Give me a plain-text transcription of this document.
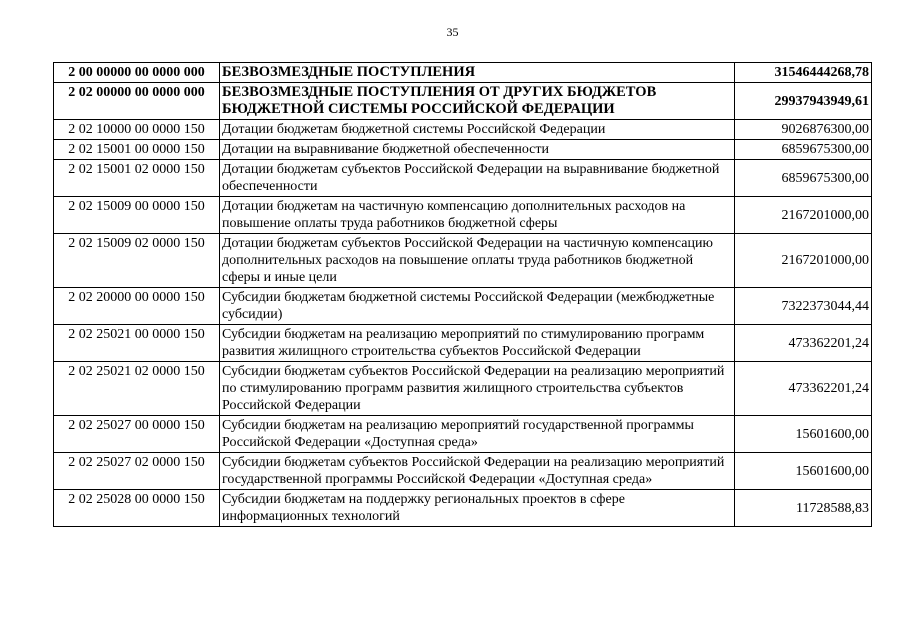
35
2 00 00000 00 0000 000	БЕЗВОЗМЕЗДНЫЕ ПОСТУПЛЕНИЯ	31546444268,78
2 02 00000 00 0000 000	БЕЗВОЗМЕЗДНЫЕ ПОСТУПЛЕНИЯ ОТ ДРУГИХ БЮДЖЕТОВ БЮДЖЕТНОЙ СИСТЕМЫ РОССИЙСКОЙ ФЕДЕРАЦИИ	29937943949,61
2 02 10000 00 0000 150	Дотации бюджетам бюджетной системы Российской Федерации	9026876300,00
2 02 15001 00 0000 150	Дотации на выравнивание бюджетной обеспеченности	6859675300,00
2 02 15001 02 0000 150	Дотации бюджетам субъектов Российской Федерации на выравнивание бюджетной обеспеченности	6859675300,00
2 02 15009 00 0000 150	Дотации бюджетам на частичную компенсацию дополнительных расходов на повышение оплаты труда работников бюджетной сферы	2167201000,00
2 02 15009 02 0000 150	Дотации бюджетам субъектов Российской Федерации на частичную компенсацию дополнительных расходов на повышение оплаты труда работников бюджетной сферы и иные цели	2167201000,00
2 02 20000 00 0000 150	Субсидии бюджетам бюджетной системы Российской Федерации (межбюджетные субсидии)	7322373044,44
2 02 25021 00 0000 150	Субсидии бюджетам на реализацию мероприятий по стимулированию программ развития жилищного строительства субъектов Российской Федерации	473362201,24
2 02 25021 02 0000 150	Субсидии бюджетам субъектов Российской Федерации на реализацию мероприятий по стимулированию программ развития жилищного строительства субъектов Российской Федерации	473362201,24
2 02 25027 00 0000 150	Субсидии бюджетам на реализацию мероприятий государственной программы Российской Федерации «Доступная среда»	15601600,00
2 02 25027 02 0000 150	Субсидии бюджетам субъектов Российской Федерации на реализацию мероприятий государственной программы Российской Федерации «Доступная среда»	15601600,00
2 02 25028 00 0000 150	Субсидии бюджетам на поддержку региональных проектов в сфере информационных технологий	11728588,83
